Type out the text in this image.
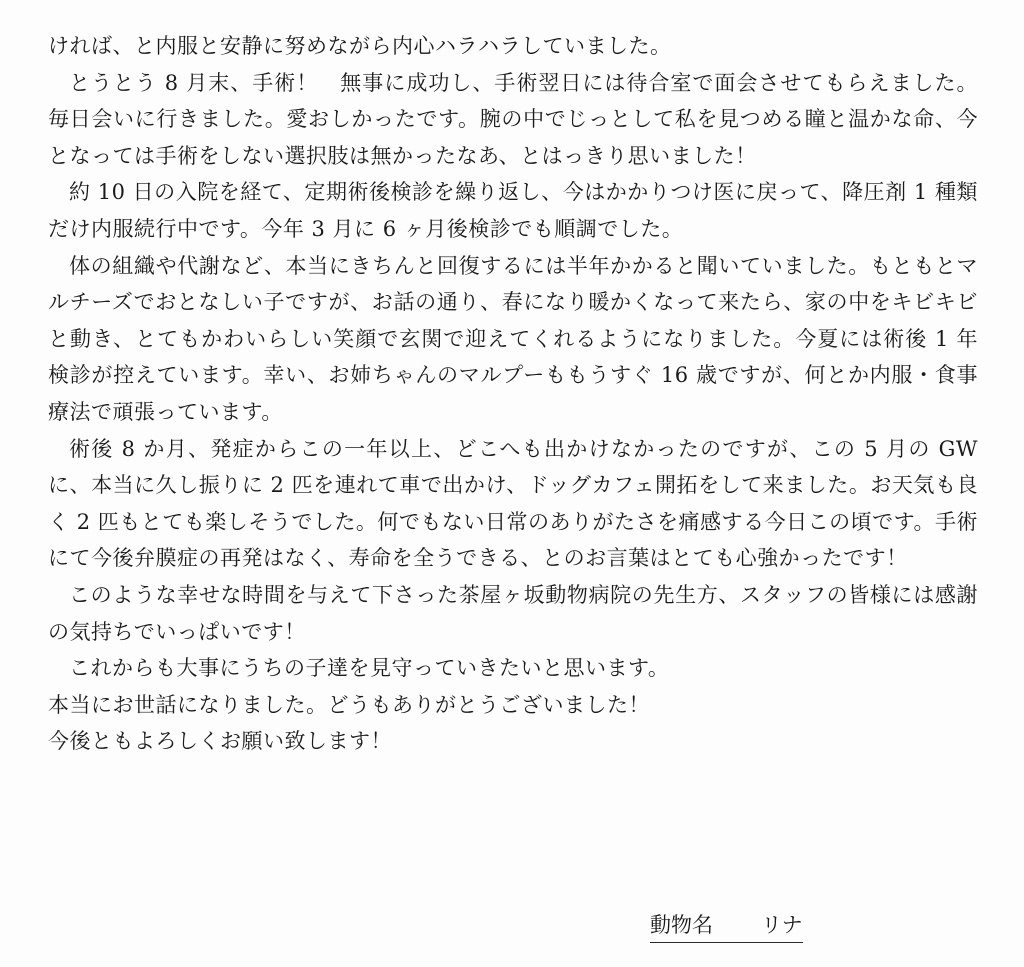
ければ、と内服と安静に努めながら内心ハラハラしていました。

とうとう 8 月末、手術！　無事に成功し、手術翌日には待合室で面会させてもらえました。毎日会いに行きました。愛おしかったです。腕の中でじっとして私を見つめる瞳と温かな命、今となっては手術をしない選択肢は無かったなあ、とはっきり思いました！

約 10 日の入院を経て、定期術後検診を繰り返し、今はかかりつけ医に戻って、降圧剤 1 種類だけ内服続行中です。今年 3 月に 6 ヶ月後検診でも順調でした。

体の組織や代謝など、本当にきちんと回復するには半年かかると聞いていました。もともとマルチーズでおとなしい子ですが、お話の通り、春になり暖かくなって来たら、家の中をキビキビと動き、とてもかわいらしい笑顔で玄関で迎えてくれるようになりました。今夏には術後 1 年検診が控えています。幸い、お姉ちゃんのマルプーももうすぐ 16 歳ですが、何とか内服・食事療法で頑張っています。

術後 8 か月、発症からこの一年以上、どこへも出かけなかったのですが、この 5 月の GW に、本当に久し振りに 2 匹を連れて車で出かけ、ドッグカフェ開拓をして来ました。お天気も良く 2 匹もとても楽しそうでした。何でもない日常のありがたさを痛感する今日この頃です。手術にて今後弁膜症の再発はなく、寿命を全うできる、とのお言葉はとても心強かったです！

このような幸せな時間を与えて下さった茶屋ヶ坂動物病院の先生方、スタッフの皆様には感謝の気持ちでいっぱいです！

これからも大事にうちの子達を見守っていきたいと思います。

本当にお世話になりました。どうもありがとうございました！

今後ともよろしくお願い致します！

動物名 リナ
